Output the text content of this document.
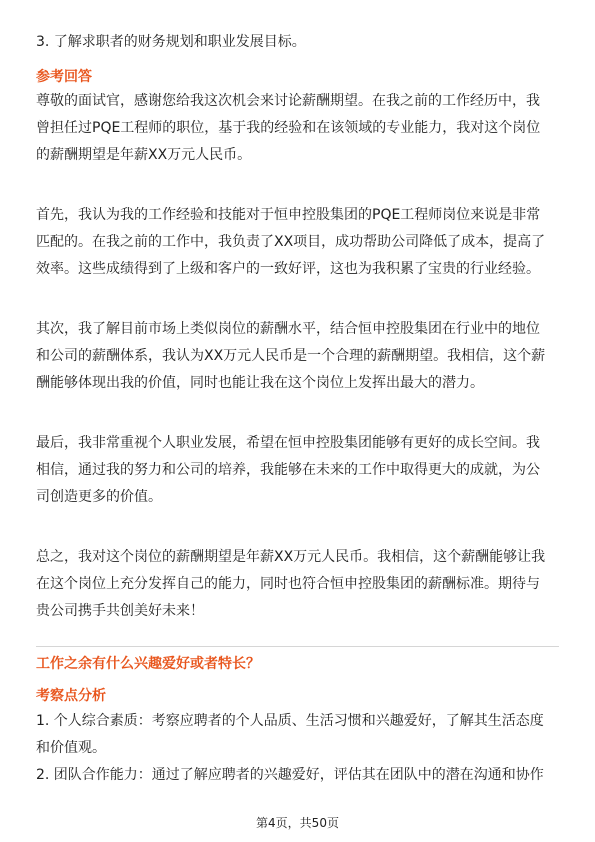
3. 了解求职者的财务规划和职业发展目标。

参考回答

尊敬的面试官，感谢您给我这次机会来讨论薪酬期望。在我之前的工作经历中，我

曾担任过PQE工程师的职位，基于我的经验和在该领域的专业能力，我对这个岗位

的薪酬期望是年薪XX万元人民币。

首先，我认为我的工作经验和技能对于恒申控股集团的PQE工程师岗位来说是非常

匹配的。在我之前的工作中，我负责了XX项目，成功帮助公司降低了成本，提高了

效率。这些成绩得到了上级和客户的一致好评，这也为我积累了宝贵的行业经验。

其次，我了解目前市场上类似岗位的薪酬水平，结合恒申控股集团在行业中的地位

和公司的薪酬体系，我认为XX万元人民币是一个合理的薪酬期望。我相信，这个薪

酬能够体现出我的价值，同时也能让我在这个岗位上发挥出最大的潜力。

最后，我非常重视个人职业发展，希望在恒申控股集团能够有更好的成长空间。我

相信，通过我的努力和公司的培养，我能够在未来的工作中取得更大的成就，为公

司创造更多的价值。

总之，我对这个岗位的薪酬期望是年薪XX万元人民币。我相信，这个薪酬能够让我

在这个岗位上充分发挥自己的能力，同时也符合恒申控股集团的薪酬标准。期待与

贵公司携手共创美好未来！

工作之余有什么兴趣爱好或者特长？

考察点分析

1. 个人综合素质：考察应聘者的个人品质、生活习惯和兴趣爱好，了解其生活态度

和价值观。

2. 团队合作能力：通过了解应聘者的兴趣爱好，评估其在团队中的潜在沟通和协作

第4页，共50页
